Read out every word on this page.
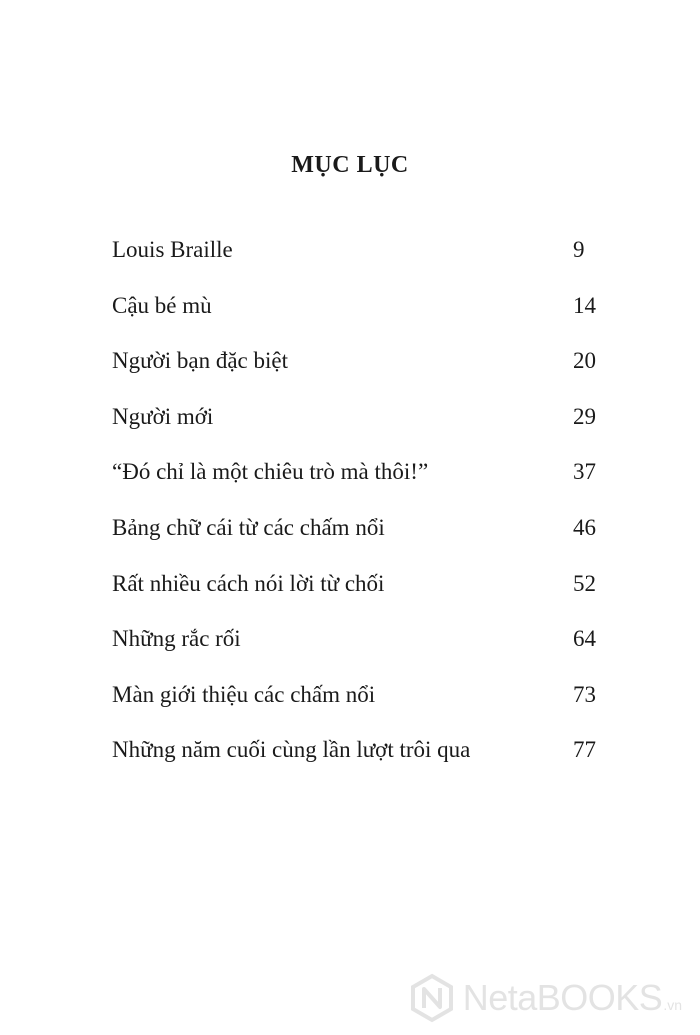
MỤC LỤC
Louis Braille	9
Cậu bé mù	14
Người bạn đặc biệt	20
Người mới	29
“Đó chỉ là một chiêu trò mà thôi!”	37
Bảng chữ cái từ các chấm nổi	46
Rất nhiều cách nói lời từ chối	52
Những rắc rối	64
Màn giới thiệu các chấm nổi	73
Những năm cuối cùng lần lượt trôi qua	77
NetaBOOKS .vn
